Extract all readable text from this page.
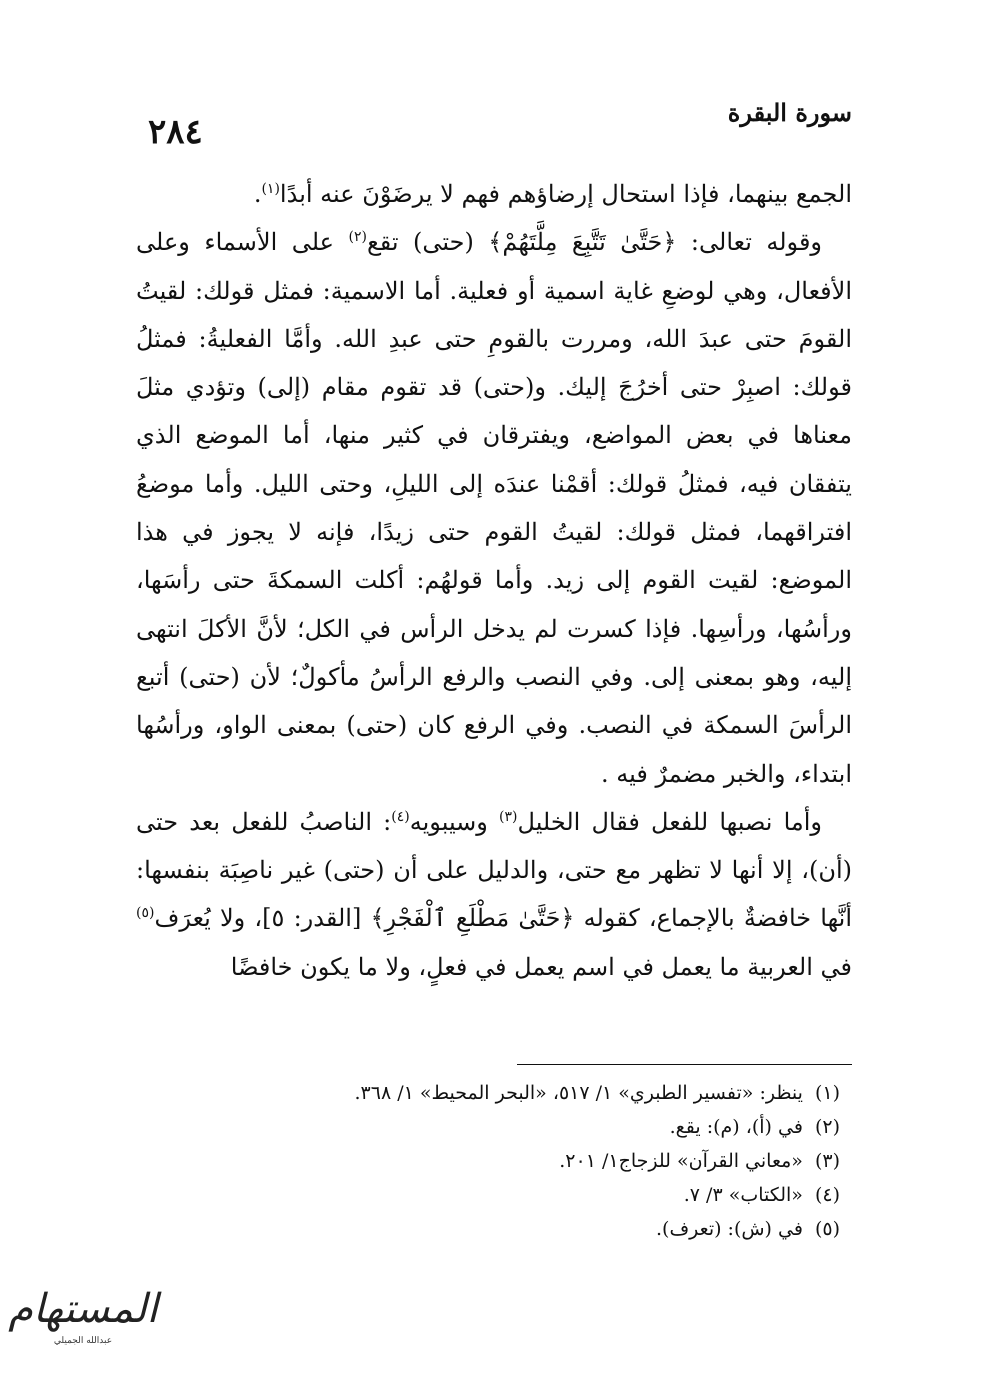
سورة البقرة
٢٨٤

الجمع بينهما، فإذا استحال إرضاؤهم فهم لا يرضَوْنَ عنه أبدًا$^{(١)}$.

وقوله تعالى: ﴿حَتَّىٰ تَتَّبِعَ مِلَّتَهُمْ﴾ (حتى) تقع$^{(٢)}$ على الأسماء وعلى الأفعال، وهي لوضعِ غاية اسمية أو فعلية. أما الاسمية: فمثل قولك: لقيتُ القومَ حتى عبدَ الله، ومررت بالقومِ حتى عبدِ الله. وأمَّا الفعليةُ: فمثلُ قولك: اصبِرْ حتى أخرُجَ إليك. و(حتى) قد تقوم مقام (إلى) وتؤدي مثلَ معناها في بعض المواضع، ويفترقان في كثير منها، أما الموضع الذي يتفقان فيه، فمثلُ قولك: أقمْنا عندَه إلى الليلِ، وحتى الليل. وأما موضعُ افتراقهما، فمثل قولك: لقيتُ القوم حتى زيدًا، فإنه لا يجوز في هذا الموضع: لقيت القوم إلى زيد. وأما قولهُم: أكلت السمكةَ حتى رأسَها، ورأسُها، ورأسِها. فإذا كسرت لم يدخل الرأس في الكل؛ لأنَّ الأكلَ انتهى إليه، وهو بمعنى إلى. وفي النصب والرفع الرأسُ مأكولٌ؛ لأن (حتى) أتبع الرأسَ السمكة في النصب. وفي الرفع كان (حتى) بمعنى الواو، ورأسُها ابتداء، والخبر مضمرٌ فيه .

وأما نصبها للفعل فقال الخليل$^{(٣)}$ وسيبويه$^{(٤)}$: الناصبُ للفعل بعد حتى (أن)، إلا أنها لا تظهر مع حتى، والدليل على أن (حتى) غير ناصِبَة بنفسها: أنَّها خافضةٌ بالإجماع، كقوله ﴿حَتَّىٰ مَطْلَعِ ٱلْفَجْرِ﴾ [القدر: ٥]، ولا يُعرَف$^{(٥)}$ في العربية ما يعمل في اسم يعمل في فعلٍ، ولا ما يكون خافضًا

(١)ينظر: «تفسير الطبري» ١/ ٥١٧، «البحر المحيط» ١/ ٣٦٨.
(٢)في (أ)، (م): يقع.
(٣)«معاني القرآن» للزجاج١/ ٢٠١.
(٤)«الكتاب» ٣/ ٧.
(٥)في (ش): (تعرف).
المستهام
عبدالله الجميلي
